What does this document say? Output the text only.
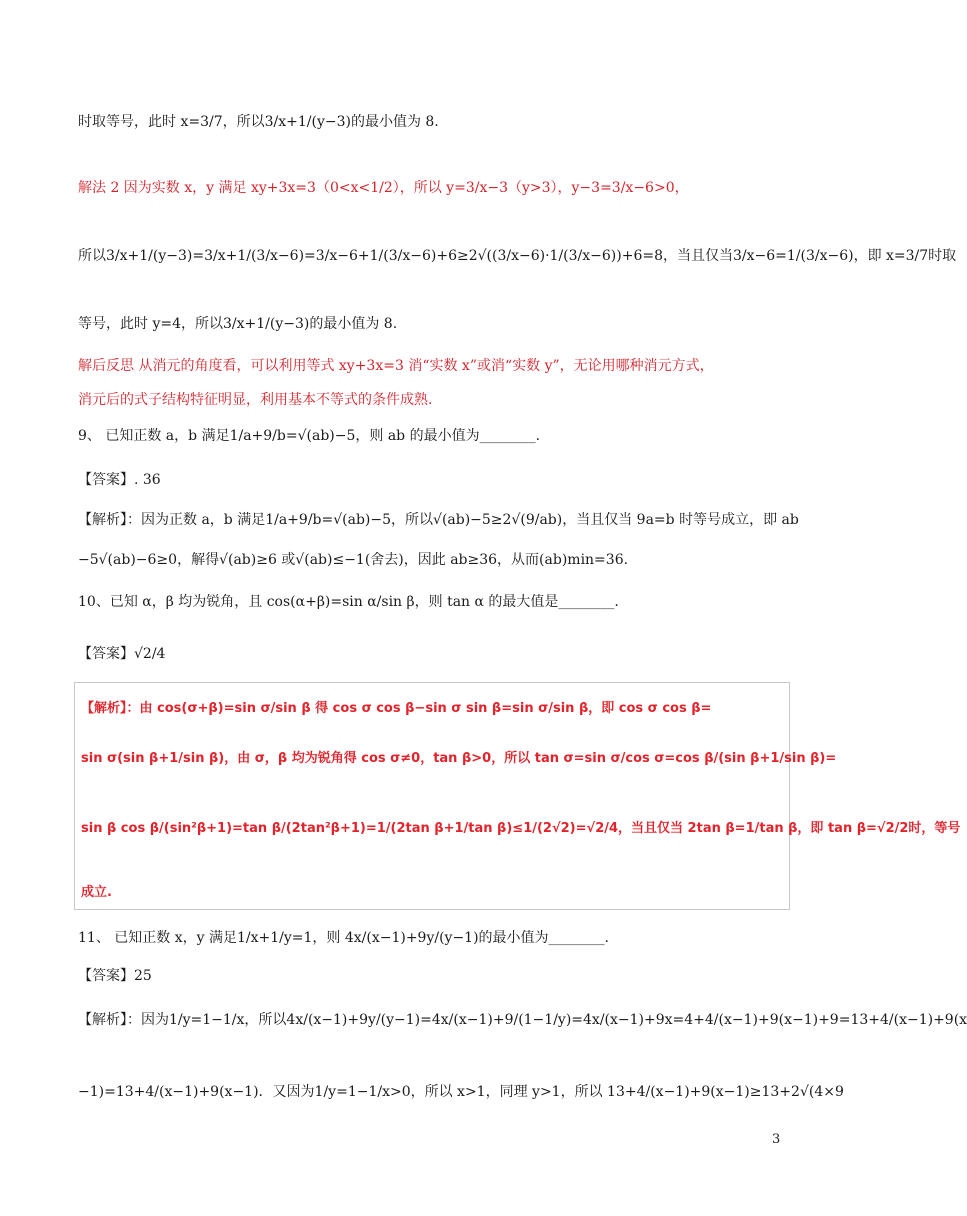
时取等号，此时 x=3/7，所以3/x+1/(y−3)的最小值为 8.
解法 2 因为实数 x，y 满足 xy+3x=3（0<x<1/2），所以 y=3/x−3（y>3），y−3=3/x−6>0，
所以3/x+1/(y−3)=3/x+1/(3/x−6)=3/x−6+1/(3/x−6)+6≥2√((3/x−6)·1/(3/x−6))+6=8，当且仅当3/x−6=1/(3/x−6)，即 x=3/7时取
等号，此时 y=4，所以3/x+1/(y−3)的最小值为 8.
解后反思 从消元的角度看，可以利用等式 xy+3x=3 消“实数 x”或消“实数 y”，无论用哪种消元方式，
消元后的式子结构特征明显，利用基本不等式的条件成熟.
9、 已知正数 a，b 满足1/a+9/b=√(ab)−5，则 ab 的最小值为________.
【答案】. 36
【解析】：因为正数 a，b 满足1/a+9/b=√(ab)−5，所以√(ab)−5≥2√(9/ab)，当且仅当 9a=b 时等号成立，即 ab
−5√(ab)−6≥0，解得√(ab)≥6 或√(ab)≤−1(舍去)，因此 ab≥36，从而(ab)min=36.
10、已知 α，β 均为锐角，且 cos(α+β)=sin α/sin β，则 tan α 的最大值是________.
【答案】√2/4
11、 已知正数 x，y 满足1/x+1/y=1，则 4x/(x−1)+9y/(y−1)的最小值为________.
【答案】25
【解析】：因为1/y=1−1/x，所以4x/(x−1)+9y/(y−1)=4x/(x−1)+9/(1−1/y)=4x/(x−1)+9x=4+4/(x−1)+9(x−1)+9=13+4/(x−1)+9(x
−1)=13+4/(x−1)+9(x−1)．又因为1/y=1−1/x>0，所以 x>1，同理 y>1，所以 13+4/(x−1)+9(x−1)≥13+2√(4×9
【解析】：由 cos(σ+β)=sin σ/sin β 得 cos σ cos β−sin σ sin β=sin σ/sin β，即 cos σ cos β=
sin σ(sin β+1/sin β)，由 σ，β 均为锐角得 cos σ≠0，tan β>0，所以 tan σ=sin σ/cos σ=cos β/(sin β+1/sin β)=
sin β cos β/(sin²β+1)=tan β/(2tan²β+1)=1/(2tan β+1/tan β)≤1/(2√2)=√2/4，当且仅当 2tan β=1/tan β，即 tan β=√2/2时，等号
成立.
3
